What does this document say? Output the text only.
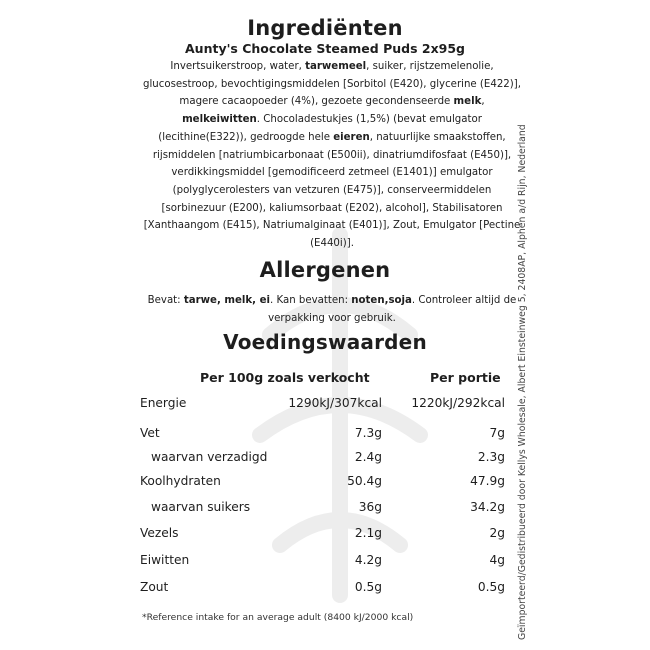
Ingrediënten
Aunty's Chocolate Steamed Puds 2x95g
Invertsuikerstroop, water, tarwemeel, suiker, rijstzemelenolie, glucosestroop, bevochtigingsmiddelen [Sorbitol (E420), glycerine (E422)], magere cacaopoeder (4%), gezoete gecondenseerde melk, melkeiwitten. Chocoladestukjes (1,5%) (bevat emulgator (lecithine(E322)), gedroogde hele eieren, natuurlijke smaakstoffen, rijsmiddelen [natriumbicarbonaat (E500ii), dinatriumdifosfaat (E450)], verdikkingsmiddel [gemodificeerd zetmeel (E1401)] emulgator (polyglycerolesters van vetzuren (E475)], conserveermiddelen [sorbinezuur (E200), kaliumsorbaat (E202), alcohol], Stabilisatoren [Xanthaangom (E415), Natriumalginaat (E401)], Zout, Emulgator [Pectine (E440i)].
Allergenen
Bevat: tarwe, melk, ei. Kan bevatten: noten,soja. Controleer altijd de verpakking voor gebruik.
Voedingswaarden
Per 100g zoals verkocht	Per portie
Energie	1290kJ/307kcal 1220kJ/292kcal
Vet	7.3g	7g
waarvan verzadigd	2.4g	2.3g
Koolhydraten	50.4g	47.9g
waarvan suikers	36g	34.2g
Vezels	2.1g	2g
Eiwitten	4.2g	4g
Zout	0.5g	0.5g
*Reference intake for an average adult (8400 kJ/2000 kcal)	Geïmporteerd/Gedistribueerd door Kellys Wholesale, Albert Einsteinweg 5, 2408AP, Alphen a/d Rijn, Nederland
